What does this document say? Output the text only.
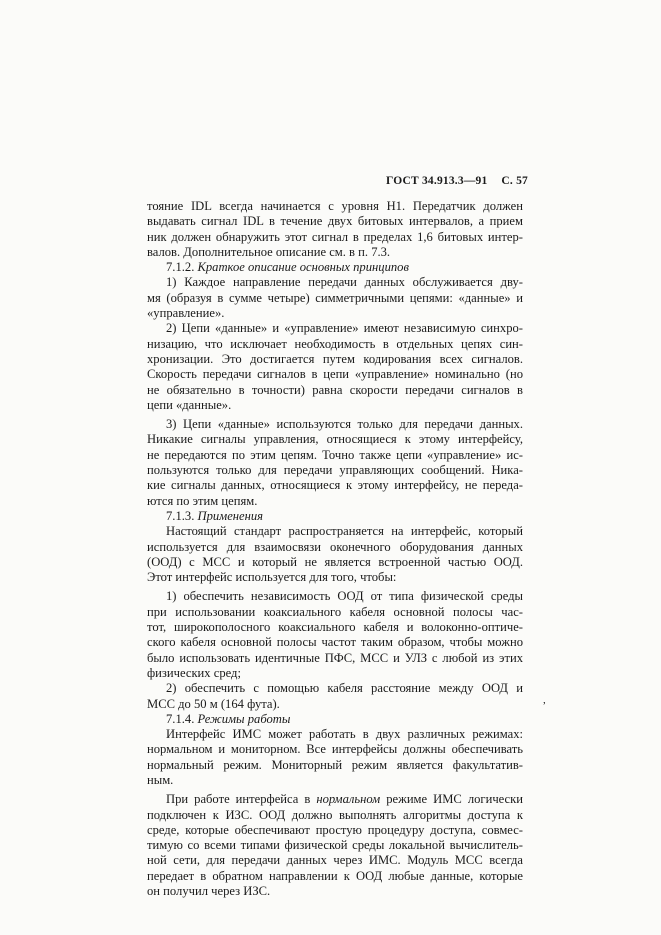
ГОСТ 34.913.3—91 С. 57
тояние IDL всегда начинается с уровня H1. Передатчик должен
выдавать сигнал IDL в течение двух битовых интервалов, а прием
ник должен обнаружить этот сигнал в пределах 1,6 битовых интер-
валов. Дополнительное описание см. в п. 7.3.
7.1.2. Краткое описание основных принципов
1) Каждое направление передачи данных обслуживается дву-
мя (образуя в сумме четыре) симметричными цепями: «данные» и
«управление».
2) Цепи «данные» и «управление» имеют независимую синхро-
низацию, что исключает необходимость в отдельных цепях син-
хронизации. Это достигается путем кодирования всех сигналов.
Скорость передачи сигналов в цепи «управление» номинально (но
не обязательно в точности) равна скорости передачи сигналов в
цепи «данные».
3) Цепи «данные» используются только для передачи данных.
Никакие сигналы управления, относящиеся к этому интерфейсу,
не передаются по этим цепям. Точно также цепи «управление» ис-
пользуются только для передачи управляющих сообщений. Ника-
кие сигналы данных, относящиеся к этому интерфейсу, не переда-
ются по этим цепям.
7.1.3. Применения
Настоящий стандарт распространяется на интерфейс, который
используется для взаимосвязи оконечного оборудования данных
(ООД) с МСС и который не является встроенной частью ООД.
Этот интерфейс используется для того, чтобы:
1) обеспечить независимость ООД от типа физической среды
при использовании коаксиального кабеля основной полосы час-
тот, широкополосного коаксиального кабеля и волоконно-оптиче-
ского кабеля основной полосы частот таким образом, чтобы можно
было использовать идентичные ПФС, МСС и УЛЗ с любой из этих
физических сред;
2) обеспечить с помощью кабеля расстояние между ООД и
МСС до 50 м (164 фута).
7.1.4. Режимы работы
Интерфейс ИМС может работать в двух различных режимах:
нормальном и мониторном. Все интерфейсы должны обеспечивать
нормальный режим. Мониторный режим является факультатив-
ным.
При работе интерфейса в нормальном режиме ИМС логически
подключен к ИЗС. ООД должно выполнять алгоритмы доступа к
среде, которые обеспечивают простую процедуру доступа, совмес-
тимую со всеми типами физической среды локальной вычислитель-
ной сети, для передачи данных через ИМС. Модуль МСС всегда
передает в обратном направлении к ООД любые данные, которые
он получил через ИЗС.
,
